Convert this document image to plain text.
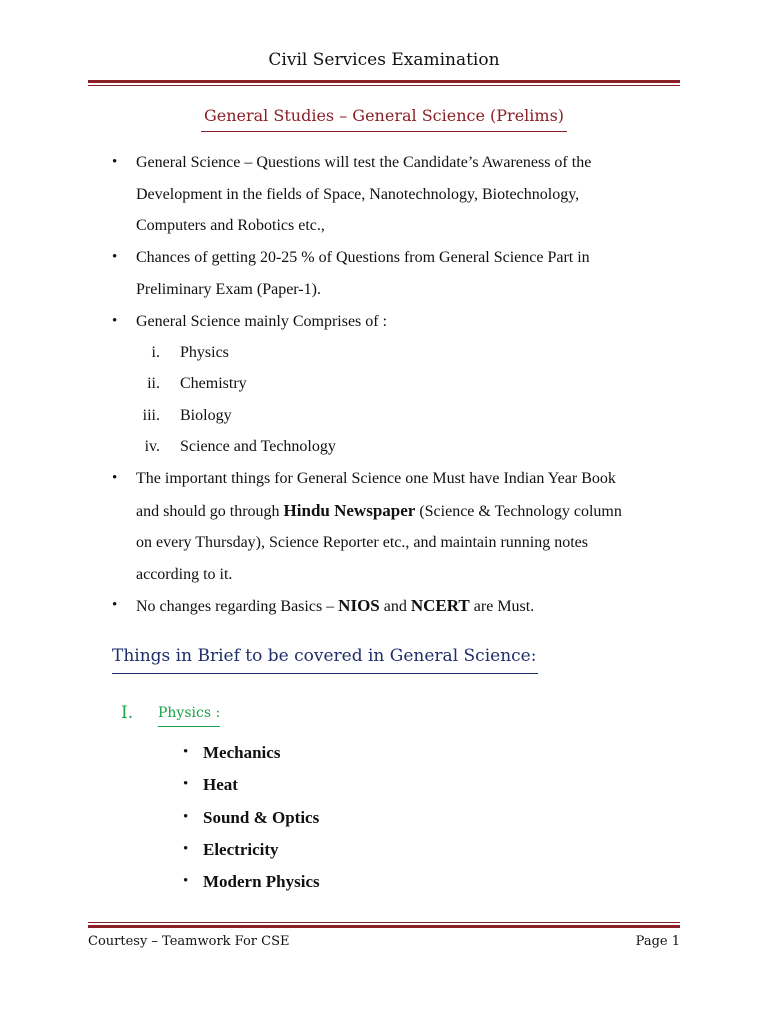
Civil Services Examination
General Studies – General Science (Prelims)
• General Science – Questions will test the Candidate’s Awareness of the
Development in the fields of Space, Nanotechnology, Biotechnology,
Computers and Robotics etc.,
• Chances of getting 20-25 % of Questions from General Science Part in
Preliminary Exam (Paper-1).
• General Science mainly Comprises of :
i. Physics
ii. Chemistry
iii. Biology
iv. Science and Technology
• The important things for General Science one Must have Indian Year Book
and should go through Hindu Newspaper (Science & Technology column
on every Thursday), Science Reporter etc., and maintain running notes
according to it.
• No changes regarding Basics – NIOS and NCERT are Must.
Things in Brief to be covered in General Science:
I. Physics :
• Mechanics
• Heat
• Sound & Optics
• Electricity
• Modern Physics
Courtesy – Teamwork For CSE	Page 1
